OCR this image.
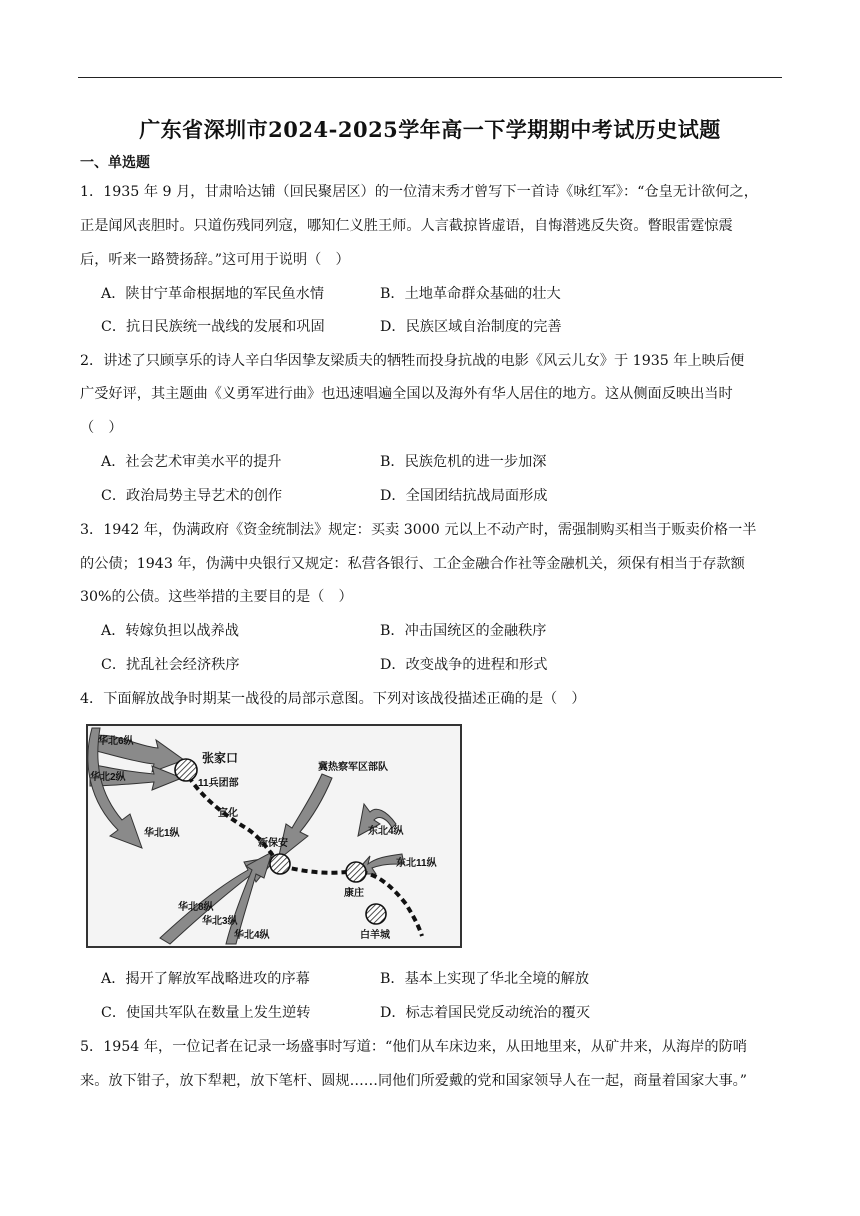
广东省深圳市2024-2025学年高一下学期期中考试历史试题
一、单选题
1．1935 年 9 月，甘肃哈达铺（回民聚居区）的一位清末秀才曾写下一首诗《咏红军》：“仓皇无计欲何之，
正是闻风丧胆时。只道伤残同列寇，哪知仁义胜王师。人言截掠皆虚语，自悔潜逃反失资。瞥眼雷霆惊震
后，听来一路赞扬辞。”这可用于说明（　）
A．陕甘宁革命根据地的军民鱼水情	B．土地革命群众基础的壮大
C．抗日民族统一战线的发展和巩固	D．民族区域自治制度的完善
2．讲述了只顾享乐的诗人辛白华因挚友梁质夫的牺牲而投身抗战的电影《风云儿女》于 1935 年上映后便
广受好评，其主题曲《义勇军进行曲》也迅速唱遍全国以及海外有华人居住的地方。这从侧面反映出当时
（　）
A．社会艺术审美水平的提升	B．民族危机的进一步加深
C．政治局势主导艺术的创作	D．全国团结抗战局面形成
3．1942 年，伪满政府《资金统制法》规定：买卖 3000 元以上不动产时，需强制购买相当于贩卖价格一半
的公债；1943 年，伪满中央银行又规定：私营各银行、工企金融合作社等金融机关，须保有相当于存款额
30%的公债。这些举措的主要目的是（　）
A．转嫁负担以战养战	B．冲击国统区的金融秩序
C．扰乱社会经济秩序	D．改变战争的进程和形式
4．下面解放战争时期某一战役的局部示意图。下列对该战役描述正确的是（　）
华北6纵
华北2纵
华北1纵
张家口
11兵团部
宣化
冀热察军区部队
新保安
东北4纵
东北11纵
康庄
白羊城
华北8纵
华北3纵
华北4纵
A．揭开了解放军战略进攻的序幕	B．基本上实现了华北全境的解放
C．使国共军队在数量上发生逆转	D．标志着国民党反动统治的覆灭
5．1954 年，一位记者在记录一场盛事时写道：“他们从车床边来，从田地里来，从矿井来，从海岸的防哨
来。放下钳子，放下犁耙，放下笔杆、圆规……同他们所爱戴的党和国家领导人在一起，商量着国家大事。”
